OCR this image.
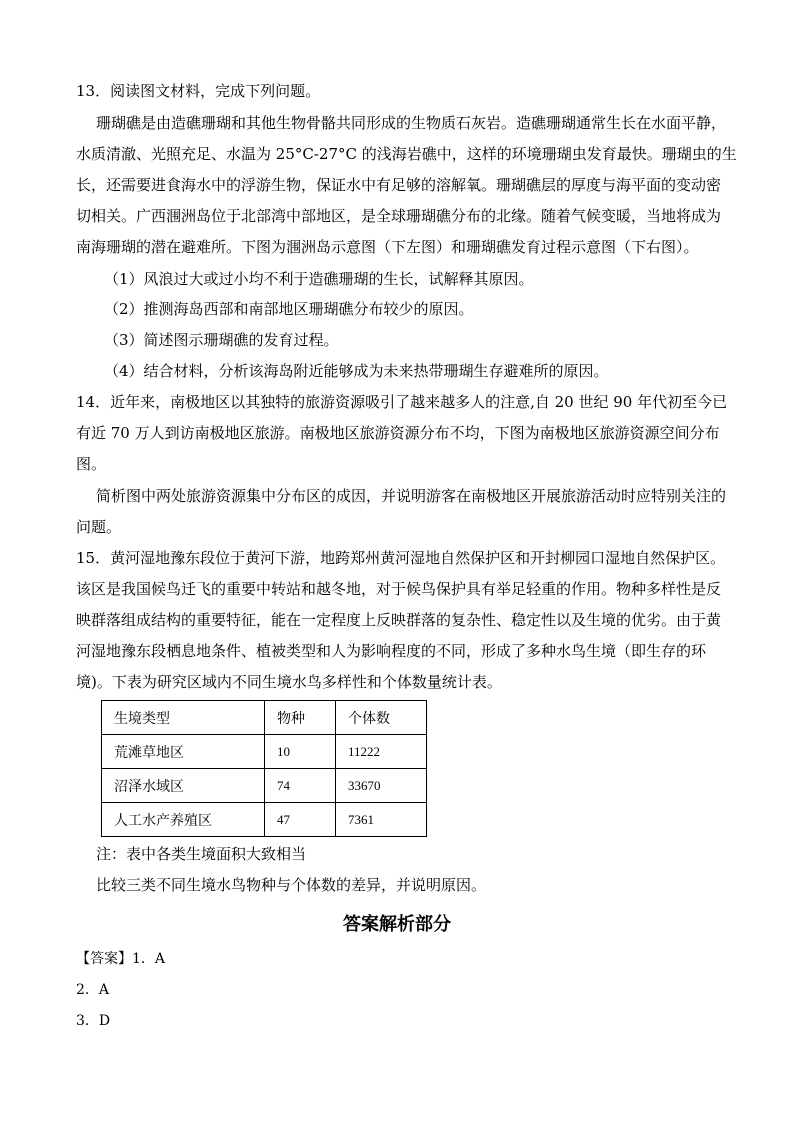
13．阅读图文材料，完成下列问题。
珊瑚礁是由造礁珊瑚和其他生物骨骼共同形成的生物质石灰岩。造礁珊瑚通常生长在水面平静，
水质清澈、光照充足、水温为 25°C-27°C 的浅海岩礁中，这样的环境珊瑚虫发育最快。珊瑚虫的生
长，还需要进食海水中的浮游生物，保证水中有足够的溶解氧。珊瑚礁层的厚度与海平面的变动密
切相关。广西涠洲岛位于北部湾中部地区，是全球珊瑚礁分布的北缘。随着气候变暖，当地将成为
南海珊瑚的潜在避难所。下图为涠洲岛示意图（下左图）和珊瑚礁发育过程示意图（下右图）。
（1）风浪过大或过小均不利于造礁珊瑚的生长，试解释其原因。
（2）推测海岛西部和南部地区珊瑚礁分布较少的原因。
（3）简述图示珊瑚礁的发育过程。
（4）结合材料，分析该海岛附近能够成为未来热带珊瑚生存避难所的原因。
14．近年来，南极地区以其独特的旅游资源吸引了越来越多人的注意,自 20 世纪 90 年代初至今已
有近 70 万人到访南极地区旅游。南极地区旅游资源分布不均，下图为南极地区旅游资源空间分布
图。
简析图中两处旅游资源集中分布区的成因，并说明游客在南极地区开展旅游活动时应特别关注的
问题。
15．黄河湿地豫东段位于黄河下游，地跨郑州黄河湿地自然保护区和开封柳园口湿地自然保护区。
该区是我国候鸟迁飞的重要中转站和越冬地，对于候鸟保护具有举足轻重的作用。物种多样性是反
映群落组成结构的重要特征，能在一定程度上反映群落的复杂性、稳定性以及生境的优劣。由于黄
河湿地豫东段栖息地条件、植被类型和人为影响程度的不同，形成了多种水鸟生境（即生存的环
境)。下表为研究区域内不同生境水鸟多样性和个体数量统计表。
生境类型	物种	个体数
荒滩草地区	10	11222
沼泽水域区	74	33670
人工水产养殖区	47	7361
注：表中各类生境面积大致相当
比较三类不同生境水鸟物种与个体数的差异，并说明原因。
答案解析部分
【答案】1．A
2．A
3．D
